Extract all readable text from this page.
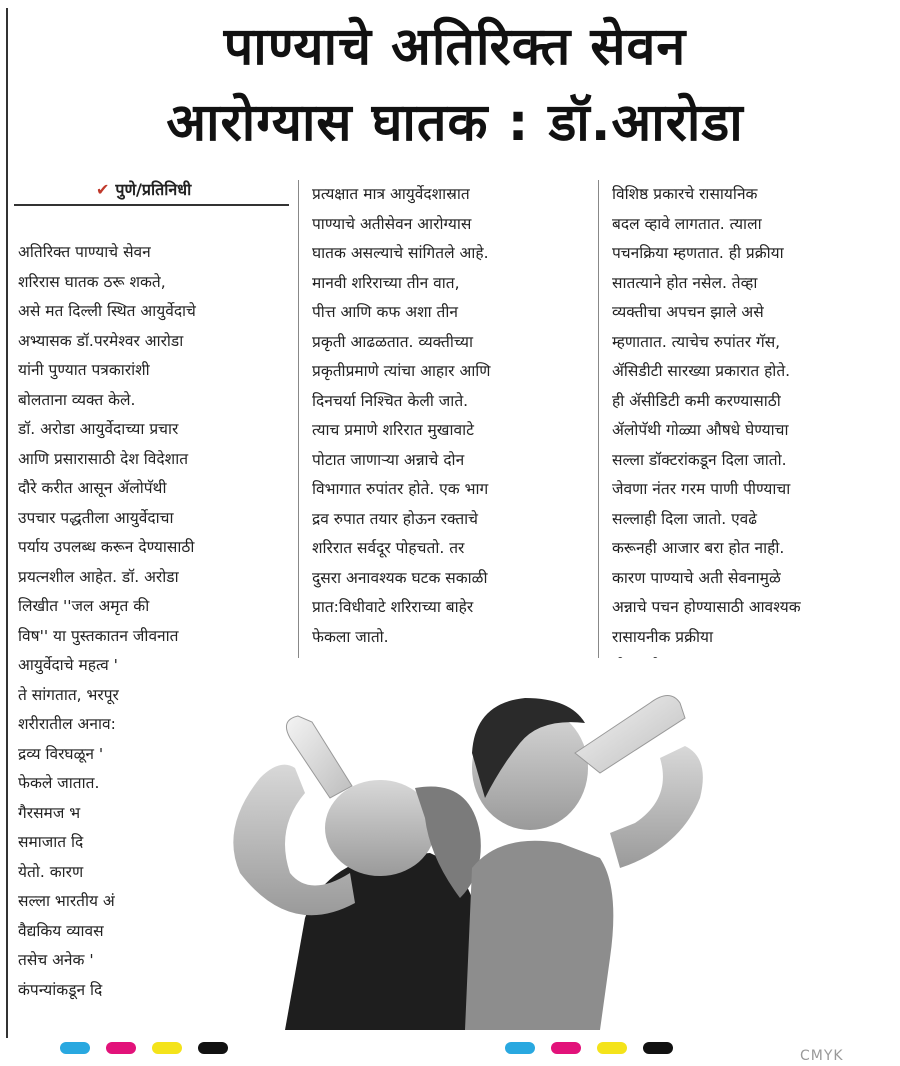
पाण्याचे अतिरिक्त सेवन
आरोग्यास घातक : डॉ.आरोडा
✔ पुणे/प्रतिनिधी
अतिरिक्त पाण्याचे सेवन
शरिरास घातक ठरू शकते,
असे मत दिल्ली स्थित आयुर्वेदाचे
अभ्यासक डॉ.परमेश्वर आरोडा
यांनी पुण्यात पत्रकारांशी
बोलताना व्यक्त केले.
डॉ. अरोडा आयुर्वेदाच्या प्रचार
आणि प्रसारासाठी देश विदेशात
दौरे करीत आसून ॲलोपॅथी
उपचार पद्धतीला आयुर्वेदाचा
पर्याय उपलब्ध करून देण्यासाठी
प्रयत्नशील आहेत. डॉ. अरोडा
लिखीत ''जल अमृत की
विष'' या पुस्तकातन जीवनात
आयुर्वेदाचे महत्व '
ते सांगतात, भरपूर
शरीरातील अनाव:
द्रव्य विरघळून '
फेकले जातात.
गैरसमज भ
समाजात दि
येतो. कारण
सल्ला भारतीय अं
वैद्यकिय व्यावस
तसेच अनेक '
कंपन्यांकडून दि
प्रत्यक्षात मात्र आयुर्वेदशास्रात
पाण्याचे अतीसेवन आरोग्यास
घातक असल्याचे सांगितले आहे.
मानवी शरिराच्या तीन वात,
पीत्त आणि कफ अशा तीन
प्रकृती आढळतात. व्यक्तीच्या
प्रकृतीप्रमाणे त्यांचा आहार आणि
दिनचर्या निश्चित केली जाते.
त्याच प्रमाणे शरिरात मुखावाटे
पोटात जाणाऱ्या अन्नाचे दोन
विभागात रुपांतर होते. एक भाग
द्रव रुपात तयार होऊन रक्ताचे
शरिरात सर्वदूर पोहचतो. तर
दुसरा अनावश्यक घटक सकाळी
प्रात:विधीवाटे शरिराच्या बाहेर
फेकला जातो.
विशिष्ठ प्रकारचे रासायनिक
बदल व्हावे लागतात. त्याला
पचनक्रिया म्हणतात. ही प्रक्रीया
सातत्याने होत नसेल. तेव्हा
व्यक्तीचा अपचन झाले असे
म्हणातात. त्याचेच रुपांतर गॅस,
ॲसिडीटी सारख्या प्रकारात होते.
ही ॲसीडिटी कमी करण्यासाठी
ॲलोपॅथी गोळ्या औषधे घेण्याचा
सल्ला डॉक्टरांकडून दिला जातो.
जेवणा नंतर गरम पाणी पीण्याचा
सल्लाही दिला जातो. एवढे
करूनही आजार बरा होत नाही.
कारण पाण्याचे अती सेवनामुळे
अन्नाचे पचन होण्यासाठी आवश्यक
रासायनीक प्रक्रीया
CMYK
